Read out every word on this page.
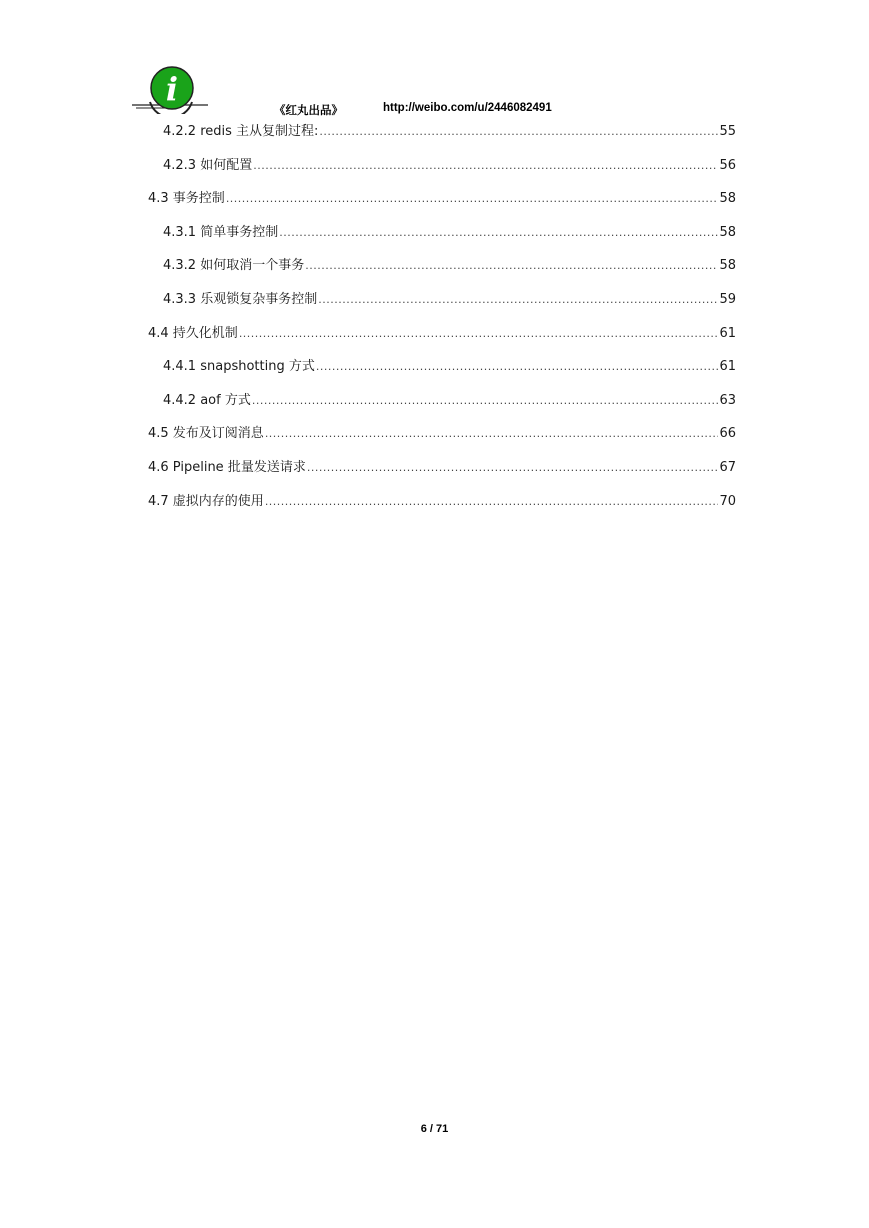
i
《红丸出品》	http://weibo.com/u/2446082491
4.2.2 redis 主从复制过程: .....	55
4.2.3 如何配置 .....	56
4.3 事务控制 .....	58
4.3.1 简单事务控制 .....	58
4.3.2 如何取消一个事务 .....	58
4.3.3 乐观锁复杂事务控制 .....	59
4.4 持久化机制 .....	61
4.4.1 snapshotting 方式 .....	61
4.4.2 aof 方式 .....	63
4.5 发布及订阅消息 .....	66
4.6 Pipeline 批量发送请求 .....	67
4.7 虚拟内存的使用 .....	70
6 / 71
